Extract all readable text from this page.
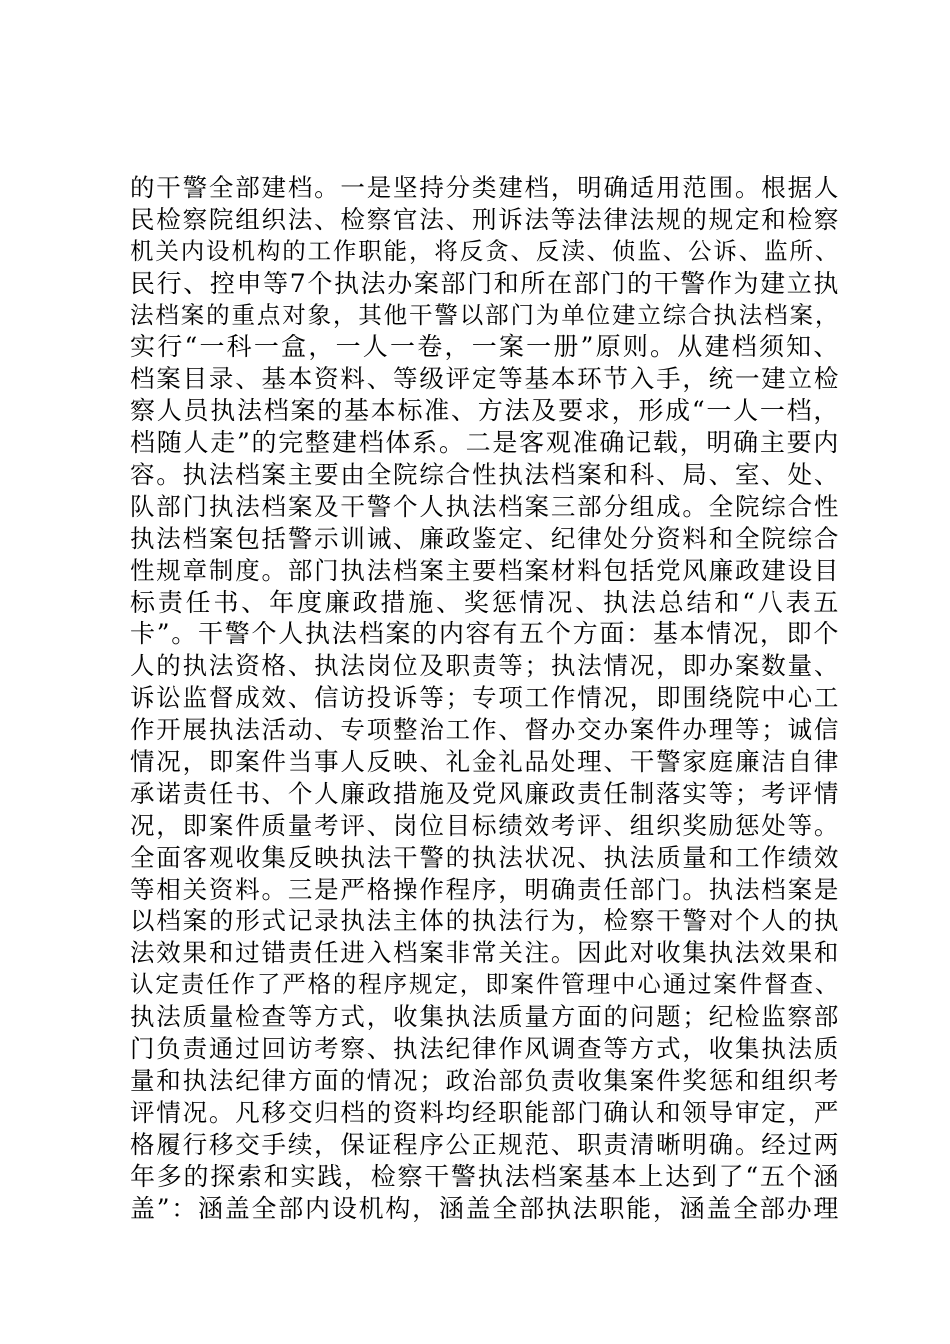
的干警全部建档。一是坚持分类建档，明确适用范围。根据人
民检察院组织法、检察官法、刑诉法等法律法规的规定和检察
机关内设机构的工作职能，将反贪、反渎、侦监、公诉、监所、
民行、控申等7个执法办案部门和所在部门的干警作为建立执
法档案的重点对象，其他干警以部门为单位建立综合执法档案，
实行“一科一盒，一人一卷，一案一册”原则。从建档须知、
档案目录、基本资料、等级评定等基本环节入手，统一建立检
察人员执法档案的基本标准、方法及要求，形成“一人一档，
档随人走”的完整建档体系。二是客观准确记载，明确主要内
容。执法档案主要由全院综合性执法档案和科、局、室、处、
队部门执法档案及干警个人执法档案三部分组成。全院综合性
执法档案包括警示训诫、廉政鉴定、纪律处分资料和全院综合
性规章制度。部门执法档案主要档案材料包括党风廉政建设目
标责任书、年度廉政措施、奖惩情况、执法总结和“八表五
卡”。干警个人执法档案的内容有五个方面：基本情况，即个
人的执法资格、执法岗位及职责等；执法情况，即办案数量、
诉讼监督成效、信访投诉等；专项工作情况，即围绕院中心工
作开展执法活动、专项整治工作、督办交办案件办理等；诚信
情况，即案件当事人反映、礼金礼品处理、干警家庭廉洁自律
承诺责任书、个人廉政措施及党风廉政责任制落实等；考评情
况，即案件质量考评、岗位目标绩效考评、组织奖励惩处等。
全面客观收集反映执法干警的执法状况、执法质量和工作绩效
等相关资料。三是严格操作程序，明确责任部门。执法档案是
以档案的形式记录执法主体的执法行为，检察干警对个人的执
法效果和过错责任进入档案非常关注。因此对收集执法效果和
认定责任作了严格的程序规定，即案件管理中心通过案件督查、
执法质量检查等方式，收集执法质量方面的问题；纪检监察部
门负责通过回访考察、执法纪律作风调查等方式，收集执法质
量和执法纪律方面的情况；政治部负责收集案件奖惩和组织考
评情况。凡移交归档的资料均经职能部门确认和领导审定，严
格履行移交手续，保证程序公正规范、职责清晰明确。经过两
年多的探索和实践，检察干警执法档案基本上达到了“五个涵
盖”：涵盖全部内设机构，涵盖全部执法职能，涵盖全部办理
